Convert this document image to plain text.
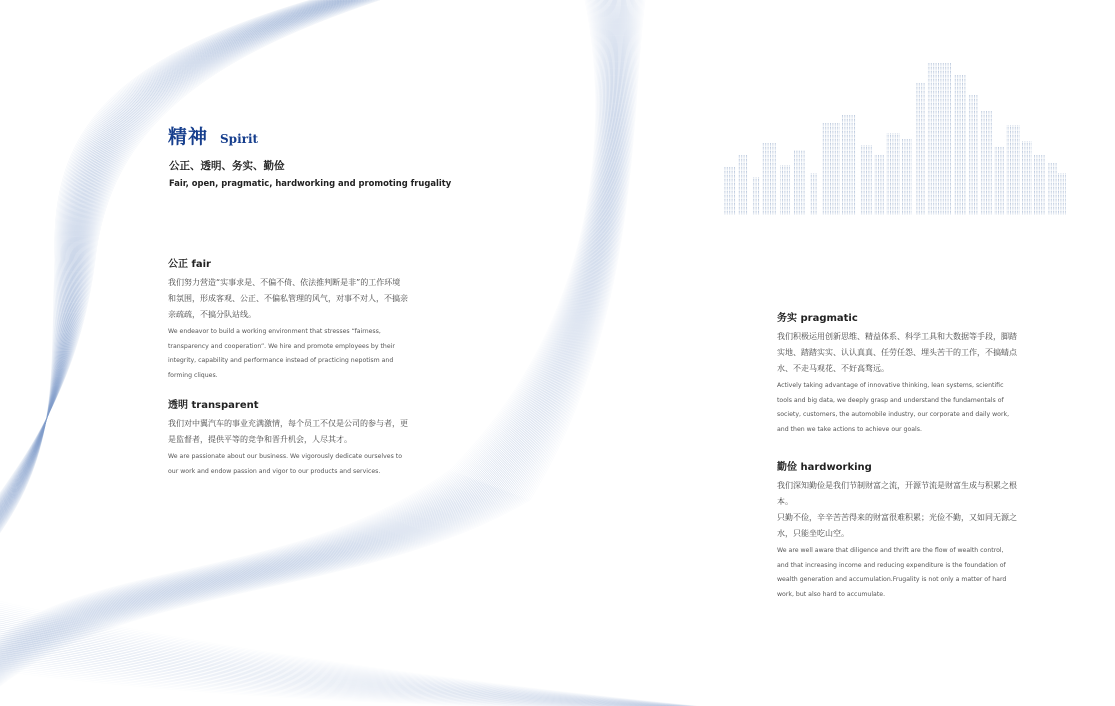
精神 Spirit
公正、透明、务实、勤俭
Fair, open, pragmatic, hardworking and promoting frugality

公正 fair

我们努力营造“实事求是、不偏不倚、依法推判断是非”的工作环境和氛围，形成客观、公正、不偏私管理的风气，对事不对人，不搞亲亲疏疏，不搞分队站线。

We endeavor to build a working environment that stresses “fairness, transparency and cooperation”. We hire and promote employees by their integrity, capability and performance instead of practicing nepotism and forming cliques.

透明 transparent

我们对中翼汽车的事业充满激情，每个员工不仅是公司的参与者，更是监督者，提供平等的竞争和晋升机会，人尽其才。

We are passionate about our business. We vigorously dedicate ourselves to our work and endow passion and vigor to our products and services.

务实 pragmatic

我们积极运用创新思维、精益体系、科学工具和大数据等手段，脚踏实地、踏踏实实、认认真真、任劳任怨、埋头苦干的工作，不搞蜻点水、不走马观花、不好高骛远。

Actively taking advantage of innovative thinking, lean systems, scientific tools and big data, we deeply grasp and understand the fundamentals of society, customers, the automobile industry, our corporate and daily work, and then we take actions to achieve our goals.

勤俭 hardworking

我们深知勤俭是我们节制财富之流，开源节流是财富生成与积累之根本。

只勤不俭，辛辛苦苦得来的财富很难积累；光俭不勤，又如同无源之水，只能坐吃山空。

We are well aware that diligence and thrift are the flow of wealth control, and that increasing income and reducing expenditure is the foundation of wealth generation and accumulation.Frugality is not only a matter of hard work, but also hard to accumulate.
